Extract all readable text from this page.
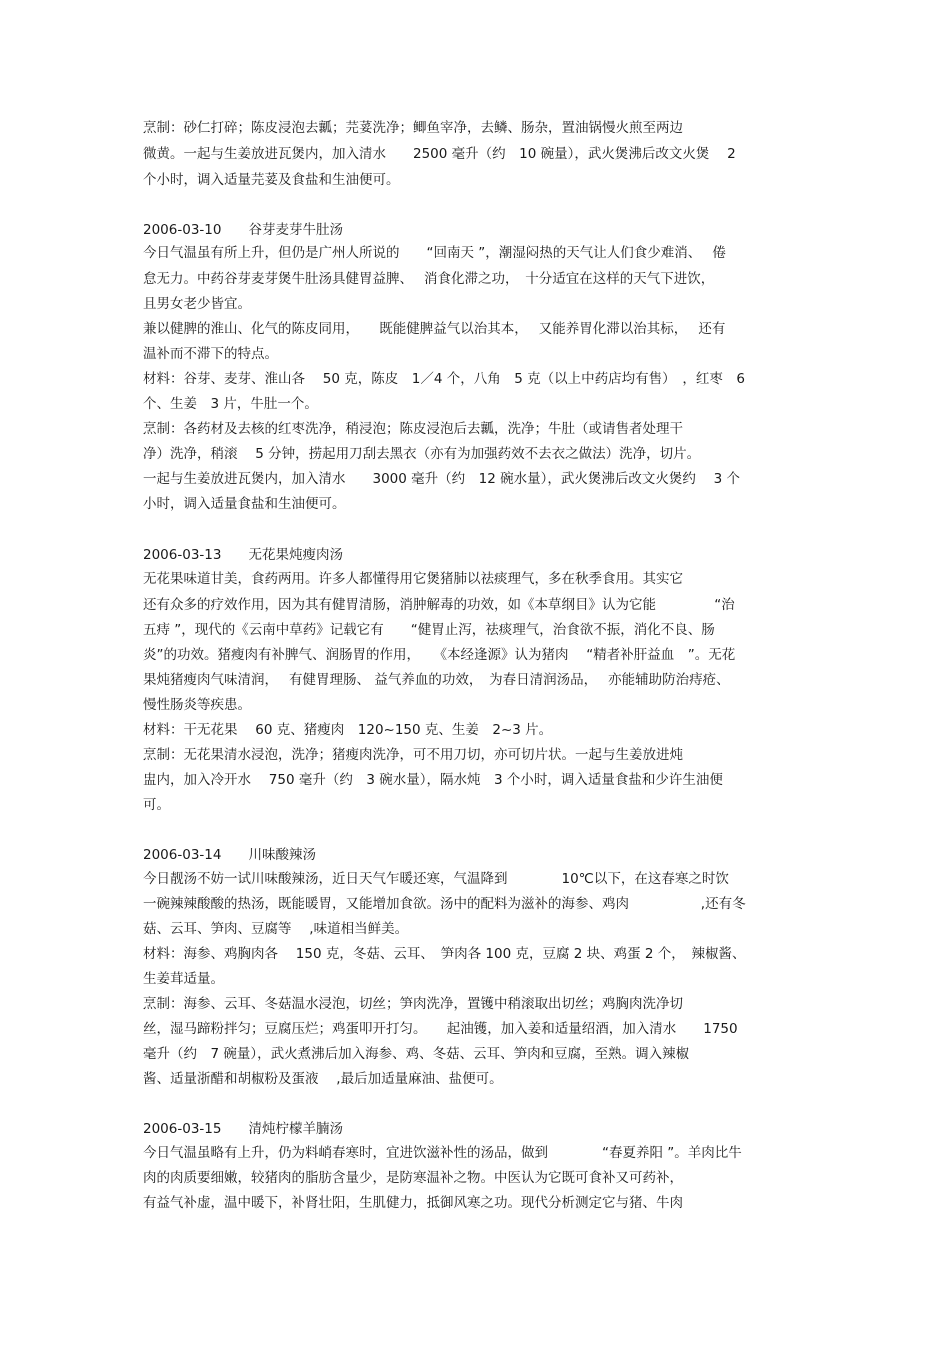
烹制：砂仁打碎；陈皮浸泡去瓤；芫荽洗净；鲫鱼宰净，去鳞、肠杂，置油锅慢火煎至两边
微黄。一起与生姜放进瓦煲内，加入清水　　2500 毫升（约　10 碗量），武火煲沸后改文火煲　 2
个小时，调入适量芫荽及食盐和生油便可。
2006-03-10　　谷芽麦芽牛肚汤
今日气温虽有所上升，但仍是广州人所说的　　“回南天 ”，潮湿闷热的天气让人们食少难消、　 倦
怠无力。中药谷芽麦芽煲牛肚汤具健胃益脾、　 消食化滞之功，　十分适宜在这样的天气下进饮，
且男女老少皆宜。
兼以健脾的淮山、化气的陈皮同用，　　既能健脾益气以治其本，　 又能养胃化滞以治其标，　 还有
温补而不滞下的特点。
材料：谷芽、麦芽、淮山各　 50 克，陈皮　1／4 个，八角　5 克（以上中药店均有售）　，红枣　6
个、生姜　3 片，牛肚一个。
烹制：各药材及去核的红枣洗净，稍浸泡；陈皮浸泡后去瓤，洗净；牛肚（或请售者处理干
净）洗净，稍滚　 5 分钟，捞起用刀刮去黑衣（亦有为加强药效不去衣之做法）洗净，切片。
一起与生姜放进瓦煲内，加入清水　　3000 毫升（约　12 碗水量），武火煲沸后改文火煲约　 3 个
小时，调入适量食盐和生油便可。
2006-03-13　　无花果炖瘦肉汤
无花果味道甘美，食药两用。许多人都懂得用它煲猪肺以祛痰理气，多在秋季食用。其实它
还有众多的疗效作用，因为其有健胃清肠，消肿解毒的功效，如《本草纲目》认为它能　　　　 “治
五痔 ”，现代的《云南中草药》记载它有　　“健胃止泻，祛痰理气，治食欲不振，消化不良、肠
炎”的功效。猪瘦肉有补脾气、润肠胃的作用，　　《本经逢源》认为猪肉　 “精者补肝益血　”。无花
果炖猪瘦肉气味清润，　 有健胃理肠、 益气养血的功效，　为春日清润汤品，　 亦能辅助防治痔疮、
慢性肠炎等疾患。
材料：干无花果　 60 克、猪瘦肉　120~150 克、生姜　2~3 片。
烹制：无花果清水浸泡，洗净；猪瘦肉洗净，可不用刀切，亦可切片状。一起与生姜放进炖
盅内，加入冷开水　 750 毫升（约　3 碗水量），隔水炖　3 个小时，调入适量食盐和少许生油便
可。
2006-03-14　　川味酸辣汤
今日靓汤不妨一试川味酸辣汤，近日天气乍暖还寒，气温降到　　　　10℃以下，在这春寒之时饮
一碗辣辣酸酸的热汤，既能暖胃，又能增加食欲。汤中的配料为滋补的海参、鸡肉　　　　　 ,还有冬
菇、云耳、笋肉、豆腐等　 ,味道相当鲜美。
材料：海参、鸡胸肉各　 150 克，冬菇、云耳、　笋肉各 100 克，豆腐 2 块、鸡蛋 2 个，　辣椒酱、
生姜茸适量。
烹制：海参、云耳、冬菇温水浸泡，切丝；笋肉洗净，置镬中稍滚取出切丝；鸡胸肉洗净切
丝，湿马蹄粉拌匀；豆腐压烂；鸡蛋叩开打匀。　　起油镬，加入姜和适量绍酒，加入清水　　1750
毫升（约　7 碗量），武火煮沸后加入海参、鸡、冬菇、云耳、笋肉和豆腐，至熟。调入辣椒
酱、适量浙醋和胡椒粉及蛋液　 ,最后加适量麻油、盐便可。
2006-03-15　　清炖柠檬羊腩汤
今日气温虽略有上升，仍为料峭春寒时，宜进饮滋补性的汤品，做到　　　　“春夏养阳 ”。羊肉比牛
肉的肉质要细嫩，较猪肉的脂肪含量少，是防寒温补之物。中医认为它既可食补又可药补，
有益气补虚，温中暖下，补肾壮阳，生肌健力，抵御风寒之功。现代分析测定它与猪、牛肉
